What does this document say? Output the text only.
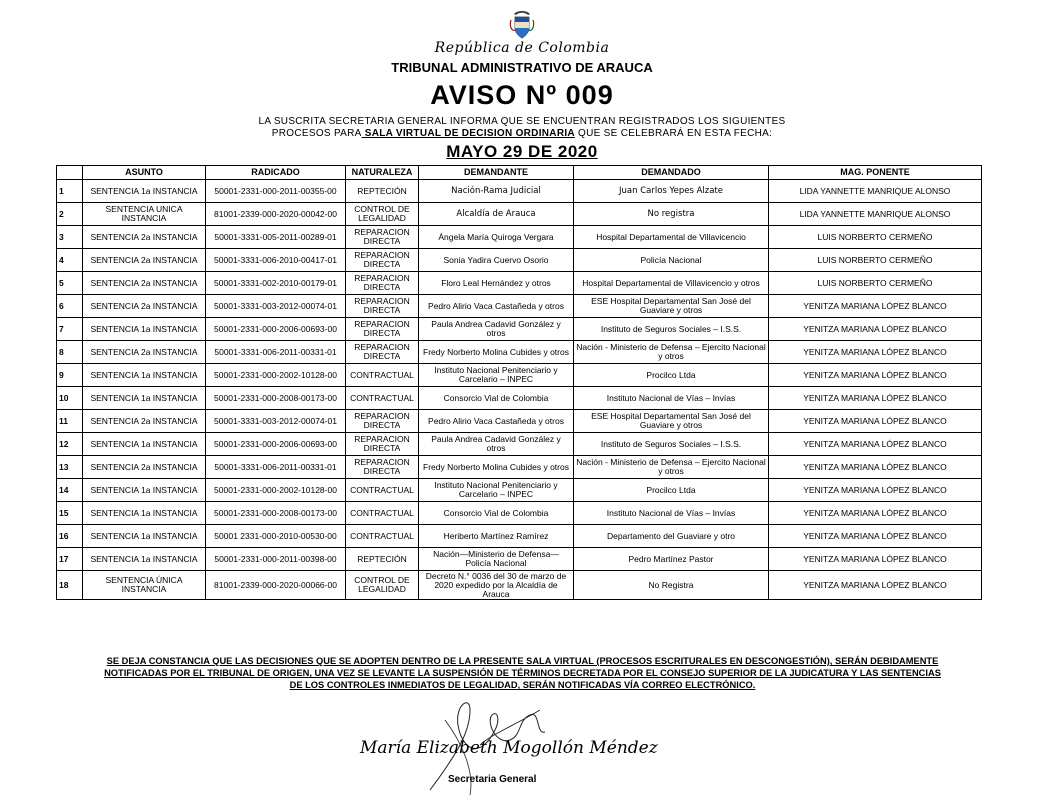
República de Colombia
TRIBUNAL ADMINISTRATIVO DE ARAUCA
AVISO Nº 009
LA SUSCRITA SECRETARIA GENERAL INFORMA QUE SE ENCUENTRAN REGISTRADOS LOS SIGUIENTES
PROCESOS PARA SALA VIRTUAL DE DECISION ORDINARIA QUE SE CELEBRARÁ EN ESTA FECHA:
MAYO 29 DE 2020
	ASUNTO	RADICADO	NATURALEZA	DEMANDANTE	DEMANDADO	MAG. PONENTE
1	SENTENCIA 1a INSTANCIA	50001-2331-000-2011-00355-00	REPTECIÓN	Nación-Rama Judicial	Juan Carlos Yepes Alzate	LIDA YANNETTE MANRIQUE ALONSO
2	SENTENCIA UNICA INSTANCIA	81001-2339-000-2020-00042-00	CONTROL DE LEGALIDAD	Alcaldía de Arauca	No registra	LIDA YANNETTE MANRIQUE ALONSO
3	SENTENCIA 2a INSTANCIA	50001-3331-005-2011-00289-01	REPARACION DIRECTA	Ángela María Quiroga Vergara	Hospital Departamental de Villavicencio	LUIS NORBERTO CERMEÑO
4	SENTENCIA 2a INSTANCIA	50001-3331-006-2010-00417-01	REPARACION DIRECTA	Sonia Yadira Cuervo Osorio	Policía Nacional	LUIS NORBERTO CERMEÑO
5	SENTENCIA 2a INSTANCIA	50001-3331-002-2010-00179-01	REPARACION DIRECTA	Floro Leal Hernández y otros	Hospital Departamental de Villavicencio y otros	LUIS NORBERTO CERMEÑO
6	SENTENCIA 2a INSTANCIA	50001-3331-003-2012-00074-01	REPARACION DIRECTA	Pedro Alirio Vaca Castañeda y otros	ESE Hospital Departamental San José del Guaviare y otros	YENITZA MARIANA LÓPEZ BLANCO
7	SENTENCIA 1a INSTANCIA	50001-2331-000-2006-00693-00	REPARACION DIRECTA	Paula Andrea Cadavid González y otros	Instituto de Seguros Sociales – I.S.S.	YENITZA MARIANA LÓPEZ BLANCO
8	SENTENCIA 2a INSTANCIA	50001-3331-006-2011-00331-01	REPARACION DIRECTA	Fredy Norberto Molina Cubides y otros	Nación - Ministerio de Defensa – Ejercito Nacional y otros	YENITZA MARIANA LÓPEZ BLANCO
9	SENTENCIA 1a INSTANCIA	50001-2331-000-2002-10128-00	CONTRACTUAL	Instituto Nacional Penitenciario y Carcelario – INPEC	Procilco Ltda	YENITZA MARIANA LÓPEZ BLANCO
10	SENTENCIA 1a INSTANCIA	50001-2331-000-2008-00173-00	CONTRACTUAL	Consorcio Vial de Colombia	Instituto Nacional de Vías – Invías	YENITZA MARIANA LÓPEZ BLANCO
11	SENTENCIA 2a INSTANCIA	50001-3331-003-2012-00074-01	REPARACION DIRECTA	Pedro Alirio Vaca Castañeda y otros	ESE Hospital Departamental San José del Guaviare y otros	YENITZA MARIANA LÓPEZ BLANCO
12	SENTENCIA 1a INSTANCIA	50001-2331-000-2006-00693-00	REPARACION DIRECTA	Paula Andrea Cadavid González y otros	Instituto de Seguros Sociales – I.S.S.	YENITZA MARIANA LÓPEZ BLANCO
13	SENTENCIA 2a INSTANCIA	50001-3331-006-2011-00331-01	REPARACION DIRECTA	Fredy Norberto Molina Cubides y otros	Nación - Ministerio de Defensa – Ejercito Nacional y otros	YENITZA MARIANA LÓPEZ BLANCO
14	SENTENCIA 1a INSTANCIA	50001-2331-000-2002-10128-00	CONTRACTUAL	Instituto Nacional Penitenciario y Carcelario – INPEC	Procilco Ltda	YENITZA MARIANA LÓPEZ BLANCO
15	SENTENCIA 1a INSTANCIA	50001-2331-000-2008-00173-00	CONTRACTUAL	Consorcio Vial de Colombia	Instituto Nacional de Vías – Invías	YENITZA MARIANA LÓPEZ BLANCO
16	SENTENCIA 1a INSTANCIA	50001 2331-000-2010-00530-00	CONTRACTUAL	Heriberto Martínez Ramírez	Departamento del Guaviare y otro	YENITZA MARIANA LÓPEZ BLANCO
17	SENTENCIA 1a INSTANCIA	50001-2331-000-2011-00398-00	REPTECIÓN	Nación—Ministerio de Defensa—Policía Nacional	Pedro Martínez Pastor	YENITZA MARIANA LÓPEZ BLANCO
18	SENTENCIA ÚNICA INSTANCIA	81001-2339-000-2020-00066-00	CONTROL DE LEGALIDAD	Decreto N.° 0036 del 30 de marzo de 2020 expedido por la Alcaldía de Arauca	No Registra	YENITZA MARIANA LÓPEZ BLANCO
SE DEJA CONSTANCIA QUE LAS DECISIONES QUE SE ADOPTEN DENTRO DE LA PRESENTE SALA VIRTUAL (PROCESOS ESCRITURALES EN DESCONGESTIÓN), SERÁN DEBIDAMENTE
NOTIFICADAS POR EL TRIBUNAL DE ORIGEN, UNA VEZ SE LEVANTE LA SUSPENSIÓN DE TÉRMINOS DECRETADA POR EL CONSEJO SUPERIOR DE LA JUDICATURA Y LAS SENTENCIAS
DE LOS CONTROLES INMEDIATOS DE LEGALIDAD, SERÁN NOTIFICADAS VÍA CORREO ELECTRÓNICO.
María Elizabeth Mogollón Méndez
Secretaria General
